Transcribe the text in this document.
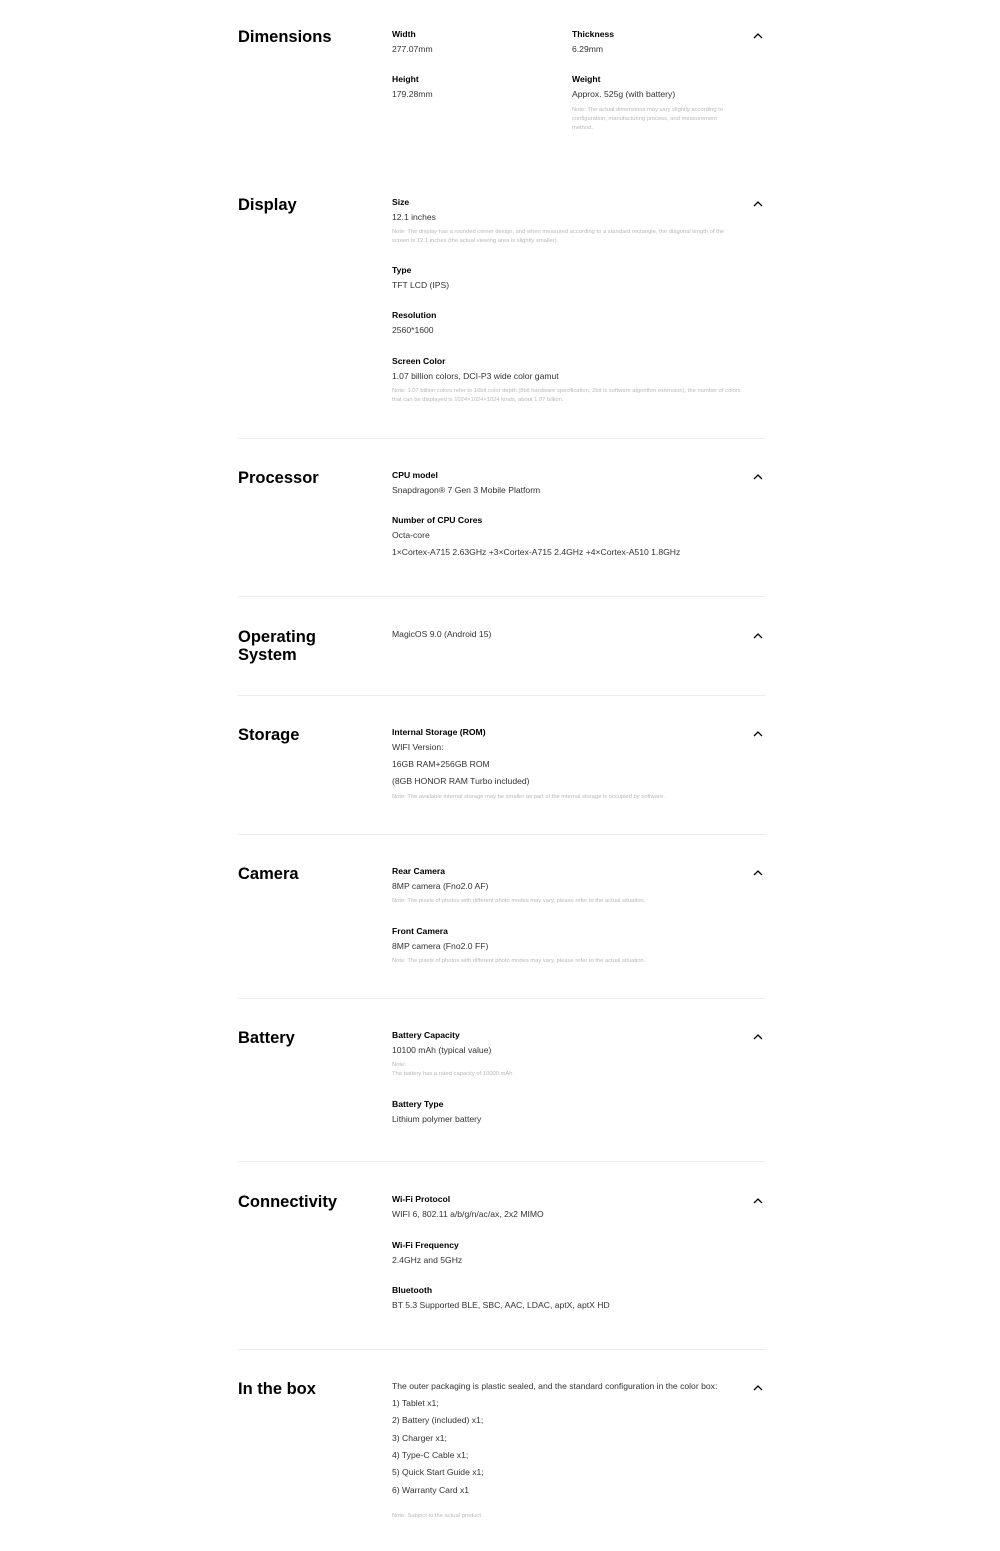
Dimensions	Width
277.07mm
Thickness
6.29mm
Height
179.28mm
Weight
Approx. 525g (with battery)
Note: The actual dimensions may vary slightly according to configuration, manufacturing process, and measurement method.
Display	Size
12.1 inches
Note: The display has a rounded corner design, and when measured according to a standard rectangle, the diagonal length of the screen is 12.1 inches (the actual viewing area is slightly smaller).
Type
TFT LCD (IPS)
Resolution
2560*1600
Screen Color
1.07 billion colors, DCI-P3 wide color gamut
Note: 1.07 billion colors refer to 10bit color depth (8bit hardware specification, 2bit is software algorithm extension), the number of colors that can be displayed is 1024×1024×1024 kinds, about 1.07 billion.
Processor	CPU model
Snapdragon® 7 Gen 3 Mobile Platform
Number of CPU Cores
Octa-core
1×Cortex-A715 2.63GHz +3×Cortex-A715 2.4GHz +4×Cortex-A510 1.8GHz
Operating System
MagicOS 9.0 (Android 15)
Storage	Internal Storage (ROM)
WIFI Version:
16GB RAM+256GB ROM
(8GB HONOR RAM Turbo included)
Note: The available internal storage may be smaller as part of the internal storage is occupied by software.
Camera	Rear Camera
8MP camera (Fno2.0 AF)
Note: The pixels of photos with different photo modes may vary, please refer to the actual situation.
Front Camera
8MP camera (Fno2.0 FF)
Note: The pixels of photos with different photo modes may vary, please refer to the actual situation.
Battery	Battery Capacity
10100 mAh (typical value)
Note:
The battery has a rated capacity of 10000 mAh
Battery Type
Lithium polymer battery
Connectivity	Wi-Fi Protocol
WIFI 6, 802.11 a/b/g/n/ac/ax, 2x2 MIMO
Wi-Fi Frequency
2.4GHz and 5GHz
Bluetooth
BT 5.3 Supported BLE, SBC, AAC, LDAC, aptX, aptX HD
In the box	The outer packaging is plastic sealed, and the standard configuration in the color box:
1) Tablet x1;
2) Battery (included) x1;
3) Charger x1;
4) Type-C Cable x1;
5) Quick Start Guide x1;
6) Warranty Card x1
Note: Subject to the actual product.
